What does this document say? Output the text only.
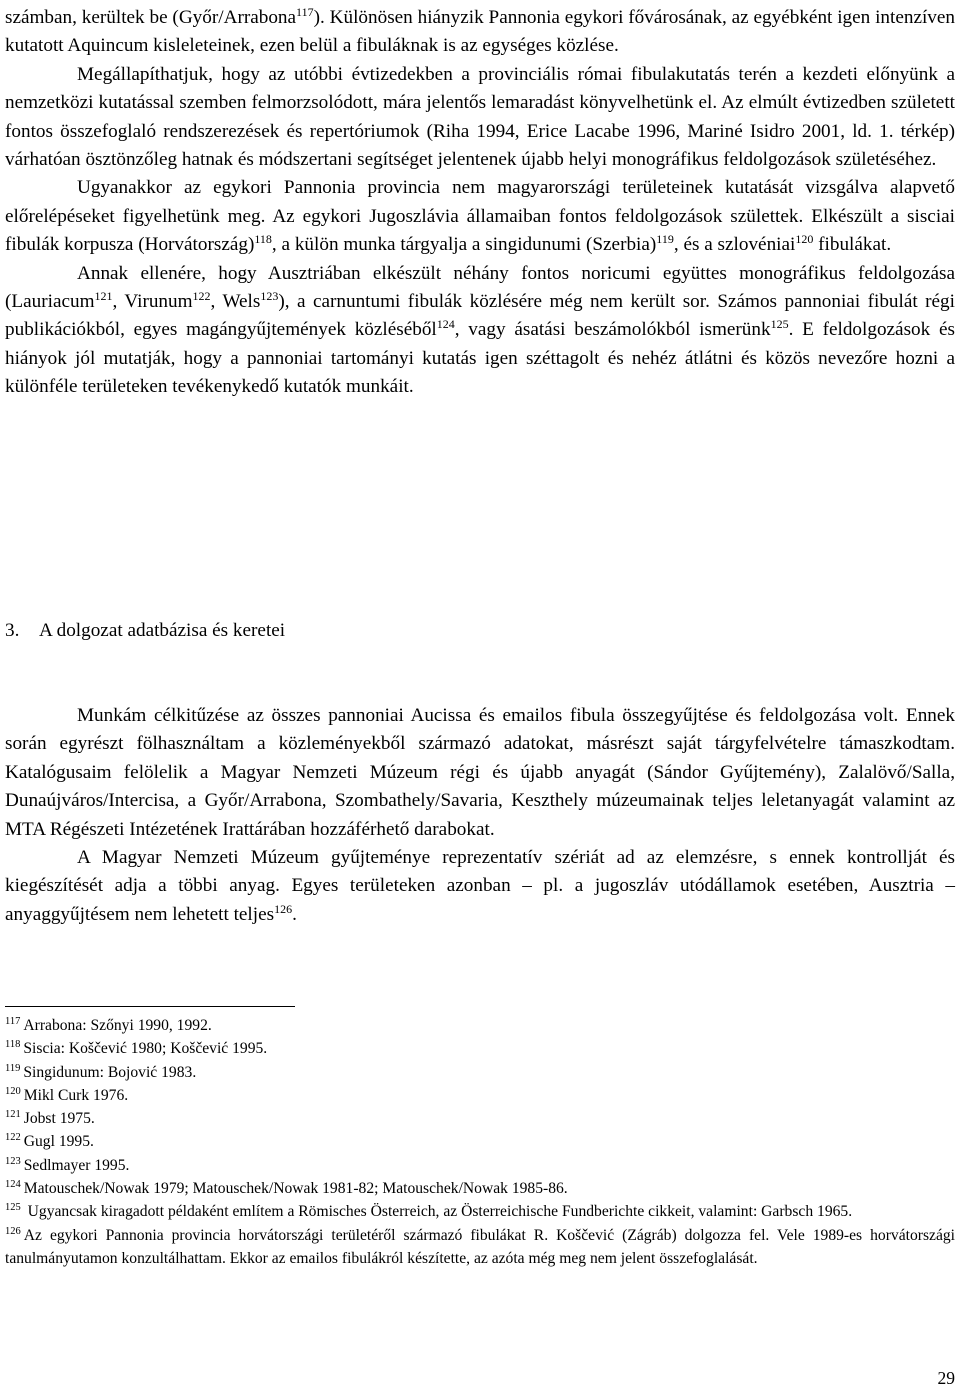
számban, kerültek be (Győr/Arrabona$^{117}$). Különösen hiányzik Pannonia egykori fővárosának, az egyébként igen intenzíven kutatott Aquincum kisleleteinek, ezen belül a fibuláknak is az egységes közlése.

Megállapíthatjuk, hogy az utóbbi évtizedekben a provinciális római fibulakutatás terén a kezdeti előnyünk a nemzetközi kutatással szemben felmorzsolódott, mára jelentős lemaradást könyvelhetünk el. Az elmúlt évtizedben született fontos összefoglaló rendszerezések és repertóriumok (Riha 1994, Erice Lacabe 1996, Mariné Isidro 2001, ld. 1. térkép) várhatóan ösztönzőleg hatnak és módszertani segítséget jelentenek újabb helyi monográfikus feldolgozások születéséhez.

Ugyanakkor az egykori Pannonia provincia nem magyarországi területeinek kutatását vizsgálva alapvető előrelépéseket figyelhetünk meg. Az egykori Jugoszlávia államaiban fontos feldolgozások születtek. Elkészült a sisciai fibulák korpusza (Horvátország)$^{118}$, a külön munka tárgyalja a singidunumi (Szerbia)$^{119}$, és a szlovéniai$^{120}$ fibulákat.

Annak ellenére, hogy Ausztriában elkészült néhány fontos noricumi együttes monográfikus feldolgozása (Lauriacum$^{121}$, Virunum$^{122}$, Wels$^{123}$), a carnuntumi fibulák közlésére még nem került sor. Számos pannoniai fibulát régi publikációkból, egyes magángyűjtemények közléséből$^{124}$, vagy ásatási beszámolókból ismerünk$^{125}$. E feldolgozások és hiányok jól mutatják, hogy a pannoniai tartományi kutatás igen széttagolt és nehéz átlátni és közös nevezőre hozni a különféle területeken tevékenykedő kutatók munkáit.

3. A dolgozat adatbázisa és keretei

Munkám célkitűzése az összes pannoniai Aucissa és emailos fibula összegyűjtése és feldolgozása volt. Ennek során egyrészt fölhasználtam a közleményekből származó adatokat, másrészt saját tárgyfelvételre támaszkodtam. Katalógusaim felölelik a Magyar Nemzeti Múzeum régi és újabb anyagát (Sándor Gyűjtemény), Zalalövő/Salla, Dunaújváros/Intercisa, a Győr/Arrabona, Szombathely/Savaria, Keszthely múzeumainak teljes leletanyagát valamint az MTA Régészeti Intézetének Irattárában hozzáférhető darabokat.

A Magyar Nemzeti Múzeum gyűjteménye reprezentatív szériát ad az elemzésre, s ennek kontrollját és kiegészítését adja a többi anyag. Egyes területeken azonban – pl. a jugoszláv utódállamok esetében, Ausztria – anyaggyűjtésem nem lehetett teljes$^{126}$.

$^{117}$ Arrabona: Szőnyi 1990, 1992.

$^{118}$ Siscia: Koščević 1980; Koščević 1995.

$^{119}$ Singidunum: Bojović 1983.

$^{120}$ Mikl Curk 1976.

$^{121}$ Jobst 1975.

$^{122}$ Gugl 1995.

$^{123}$ Sedlmayer 1995.

$^{124}$ Matouschek/Nowak 1979; Matouschek/Nowak 1981-82; Matouschek/Nowak 1985-86.

$^{125}$ Ugyancsak kiragadott példaként említem a Römisches Österreich, az Österreichische Fundberichte cikkeit, valamint: Garbsch 1965.

$^{126}$ Az egykori Pannonia provincia horvátországi területéről származó fibulákat R. Koščević (Zágráb) dolgozza fel. Vele 1989-es horvátországi tanulmányutamon konzultálhattam. Ekkor az emailos fibulákról készítette, az azóta még meg nem jelent összefoglalását.

29
